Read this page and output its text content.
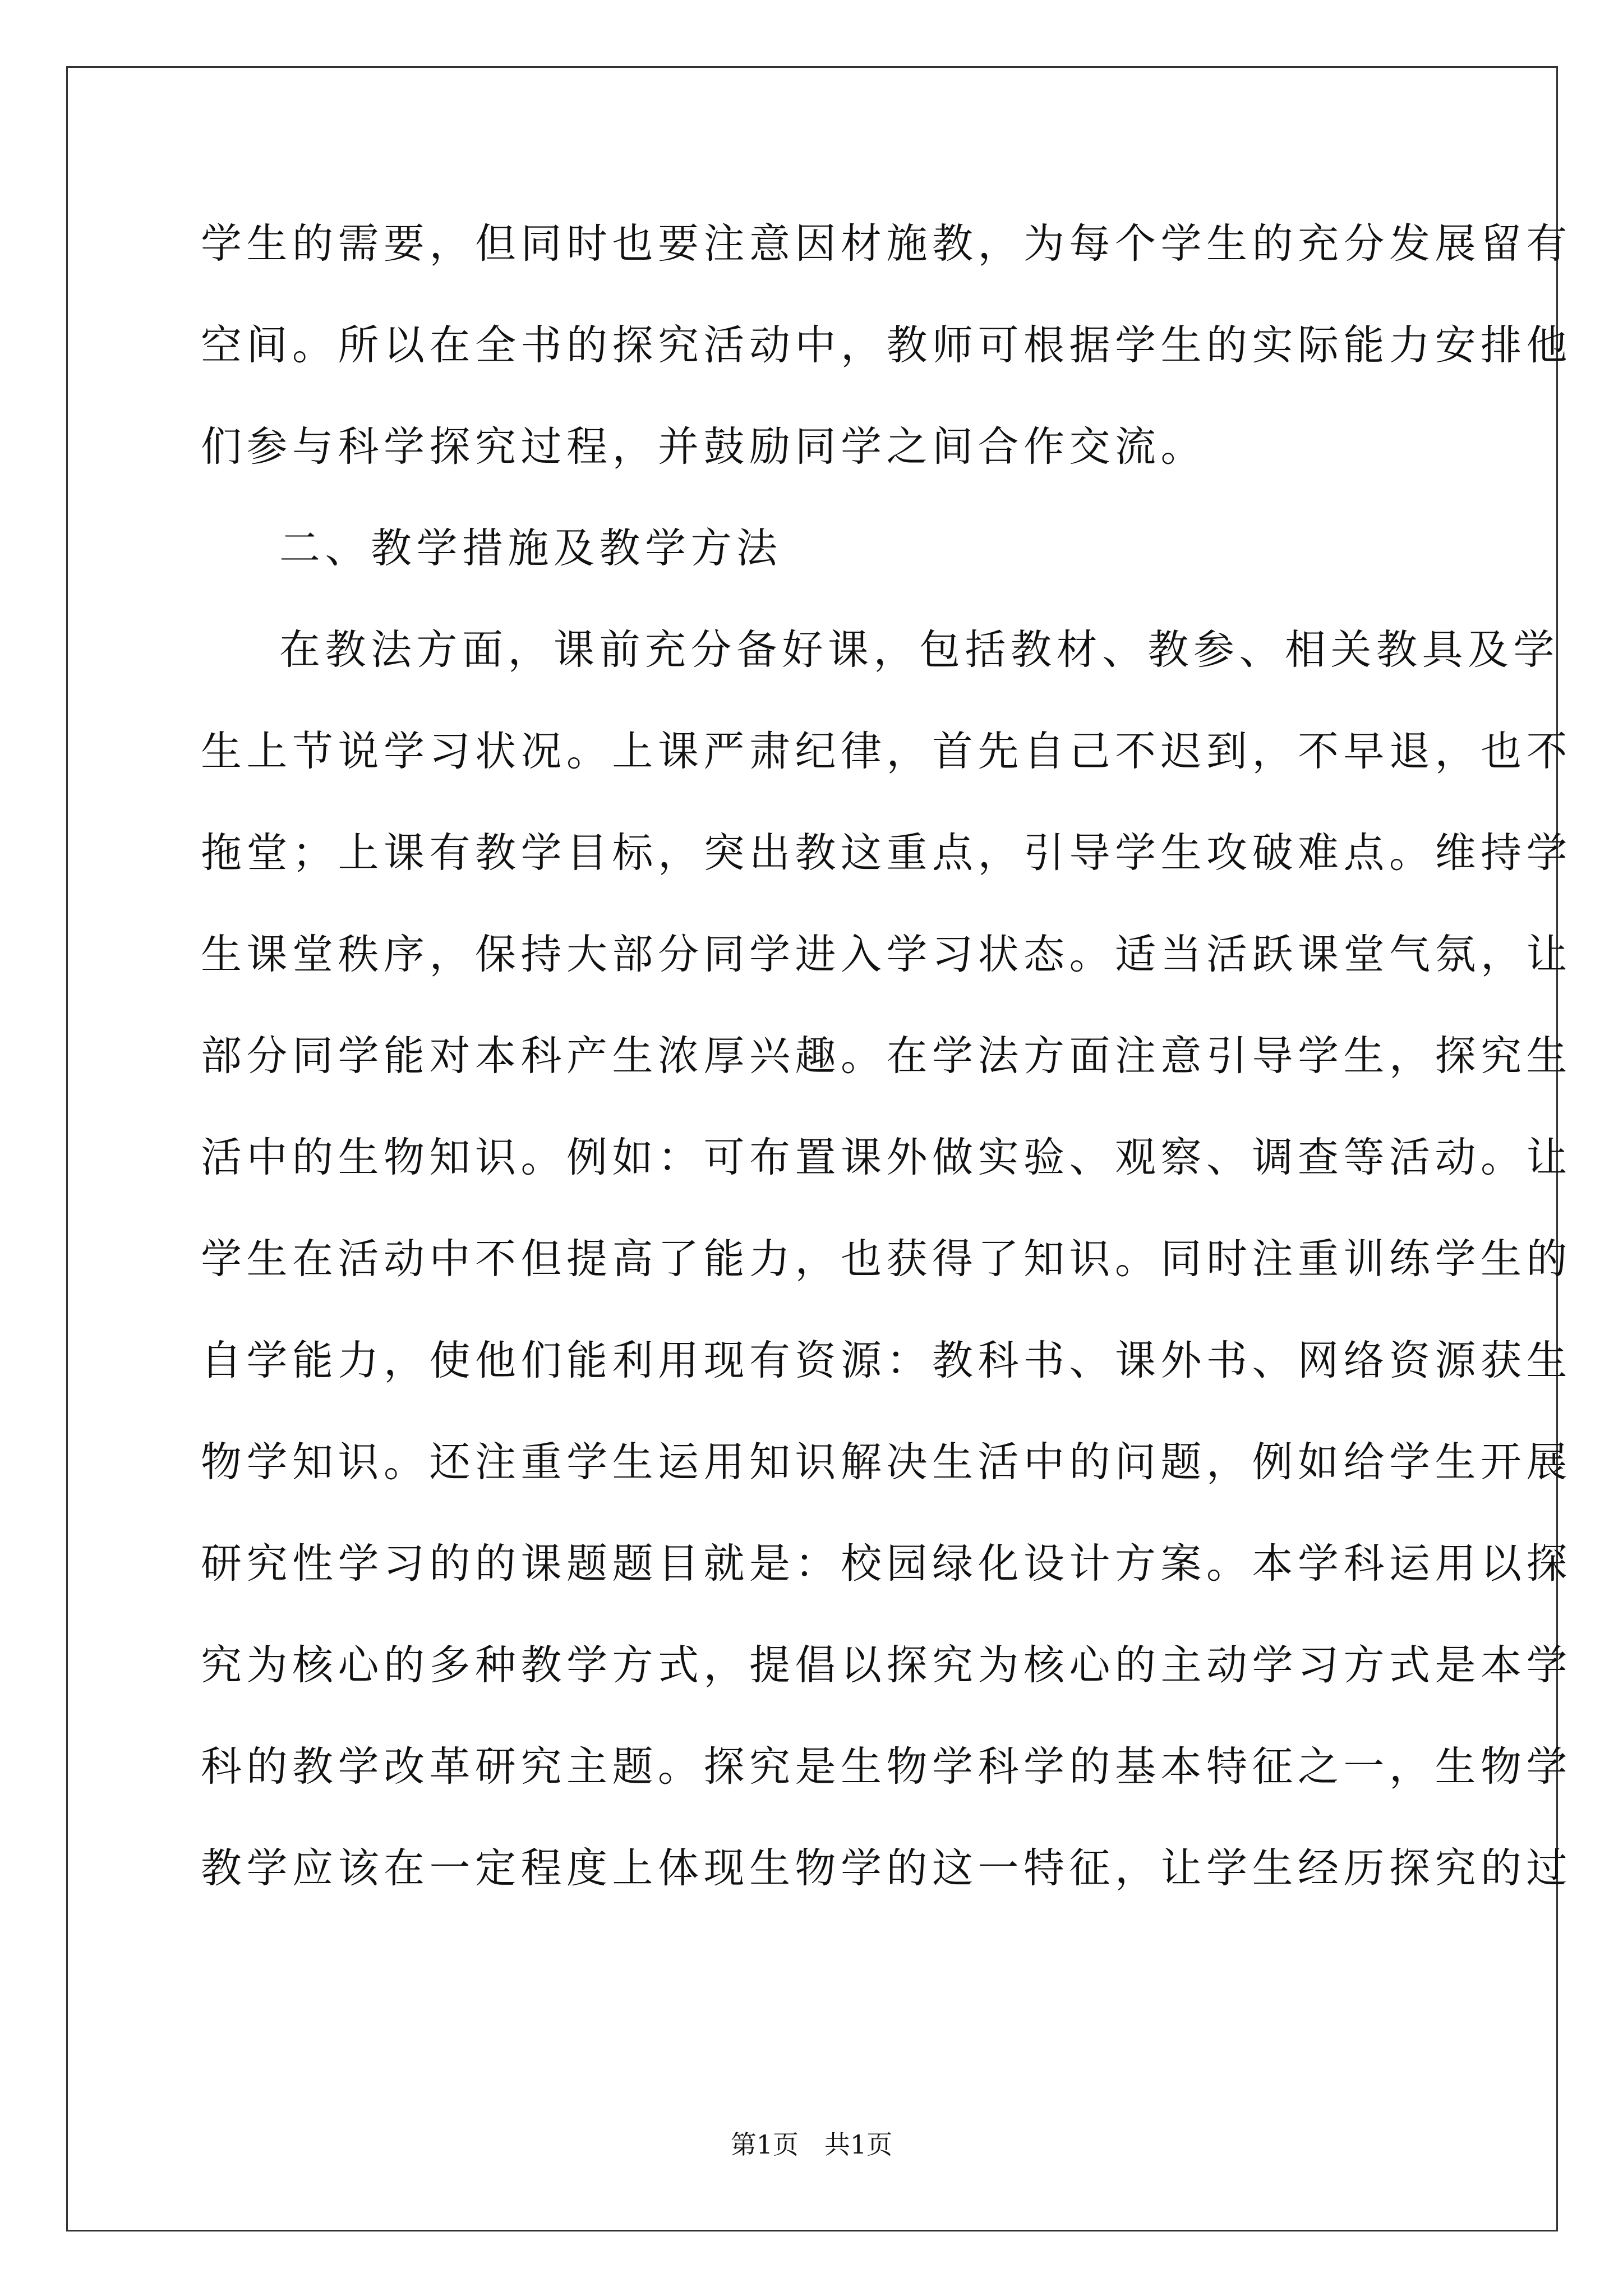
学生的需要，但同时也要注意因材施教，为每个学生的充分发展留有
空间。所以在全书的探究活动中，教师可根据学生的实际能力安排他
们参与科学探究过程，并鼓励同学之间合作交流。
二、教学措施及教学方法
在教法方面，课前充分备好课，包括教材、教参、相关教具及学
生上节说学习状况。上课严肃纪律，首先自己不迟到，不早退，也不
拖堂；上课有教学目标，突出教这重点，引导学生攻破难点。维持学
生课堂秩序，保持大部分同学进入学习状态。适当活跃课堂气氛，让
部分同学能对本科产生浓厚兴趣。在学法方面注意引导学生，探究生
活中的生物知识。例如：可布置课外做实验、观察、调查等活动。让
学生在活动中不但提高了能力，也获得了知识。同时注重训练学生的
自学能力，使他们能利用现有资源：教科书、课外书、网络资源获生
物学知识。还注重学生运用知识解决生活中的问题，例如给学生开展
研究性学习的的课题题目就是：校园绿化设计方案。本学科运用以探
究为核心的多种教学方式，提倡以探究为核心的主动学习方式是本学
科的教学改革研究主题。探究是生物学科学的基本特征之一，生物学
教学应该在一定程度上体现生物学的这一特征，让学生经历探究的过
第1页　共1页
